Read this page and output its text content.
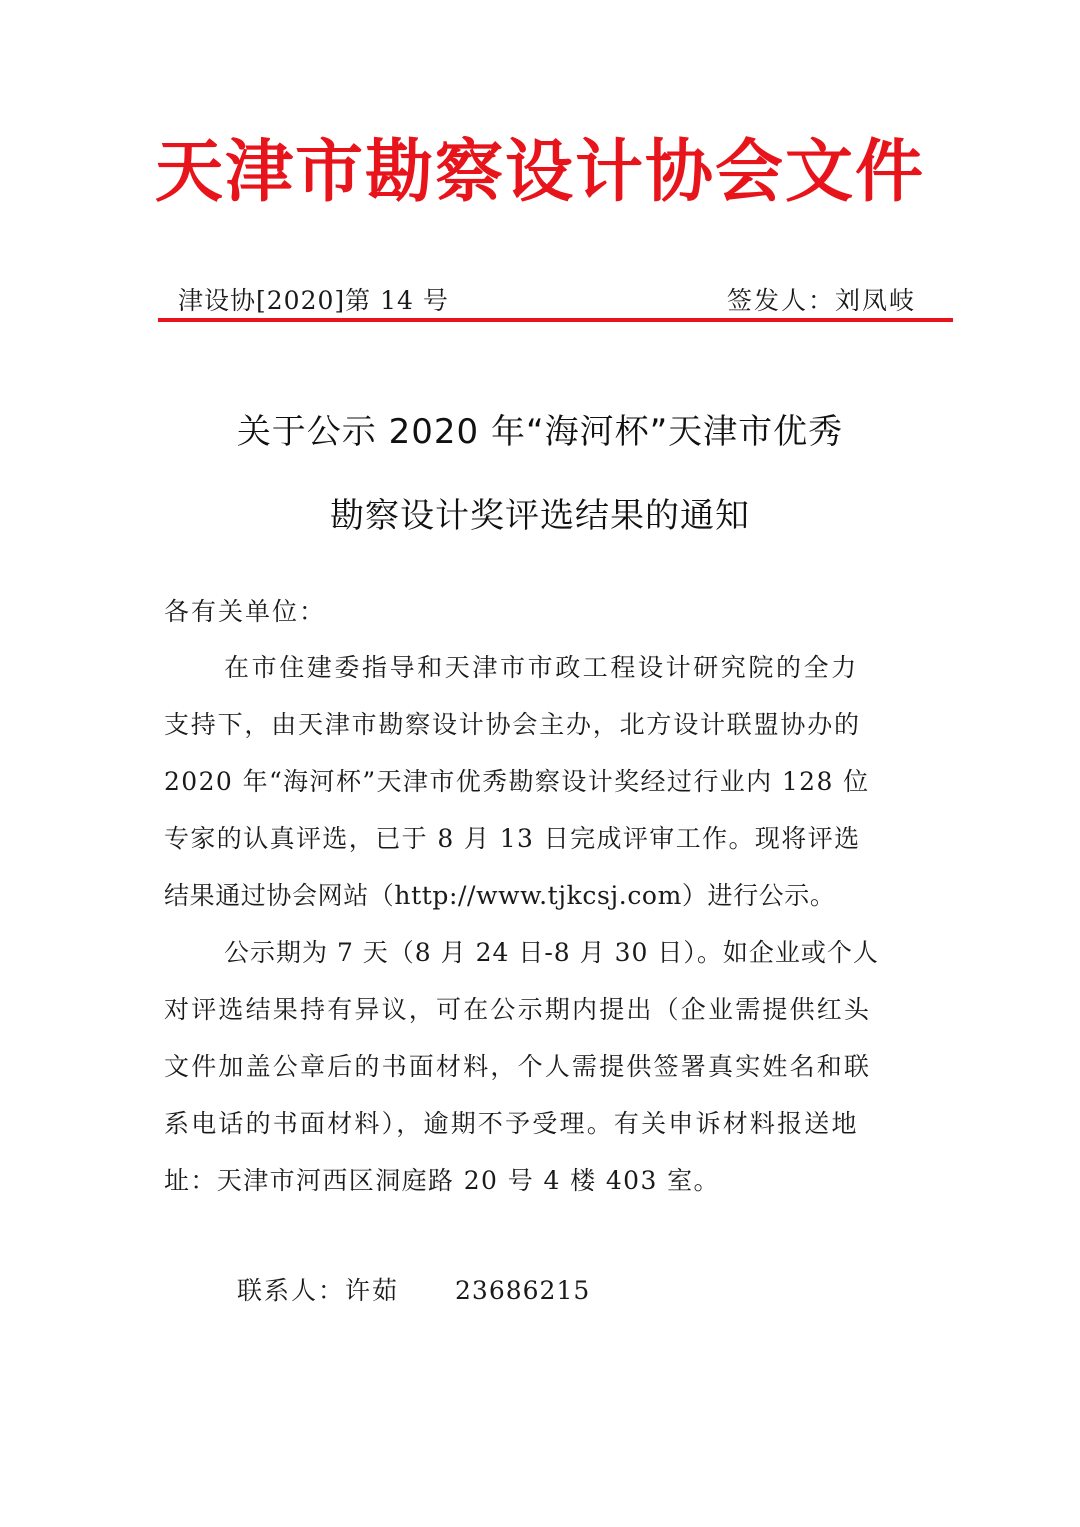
天津市勘察设计协会文件
津设协[2020]第 14 号	签发人：刘凤岐
关于公示 2020 年“海河杯”天津市优秀
勘察设计奖评选结果的通知
各有关单位：
在市住建委指导和天津市市政工程设计研究院的全力
支持下，由天津市勘察设计协会主办，北方设计联盟协办的
2020 年“海河杯”天津市优秀勘察设计奖经过行业内 128 位
专家的认真评选，已于 8 月 13 日完成评审工作。现将评选
结果通过协会网站（http://www.tjkcsj.com）进行公示。
公示期为 7 天（8 月 24 日-8 月 30 日）。如企业或个人
对评选结果持有异议，可在公示期内提出（企业需提供红头
文件加盖公章后的书面材料，个人需提供签署真实姓名和联
系电话的书面材料），逾期不予受理。有关申诉材料报送地
址：天津市河西区洞庭路 20 号 4 楼 403 室。
联系人：许茹 23686215
